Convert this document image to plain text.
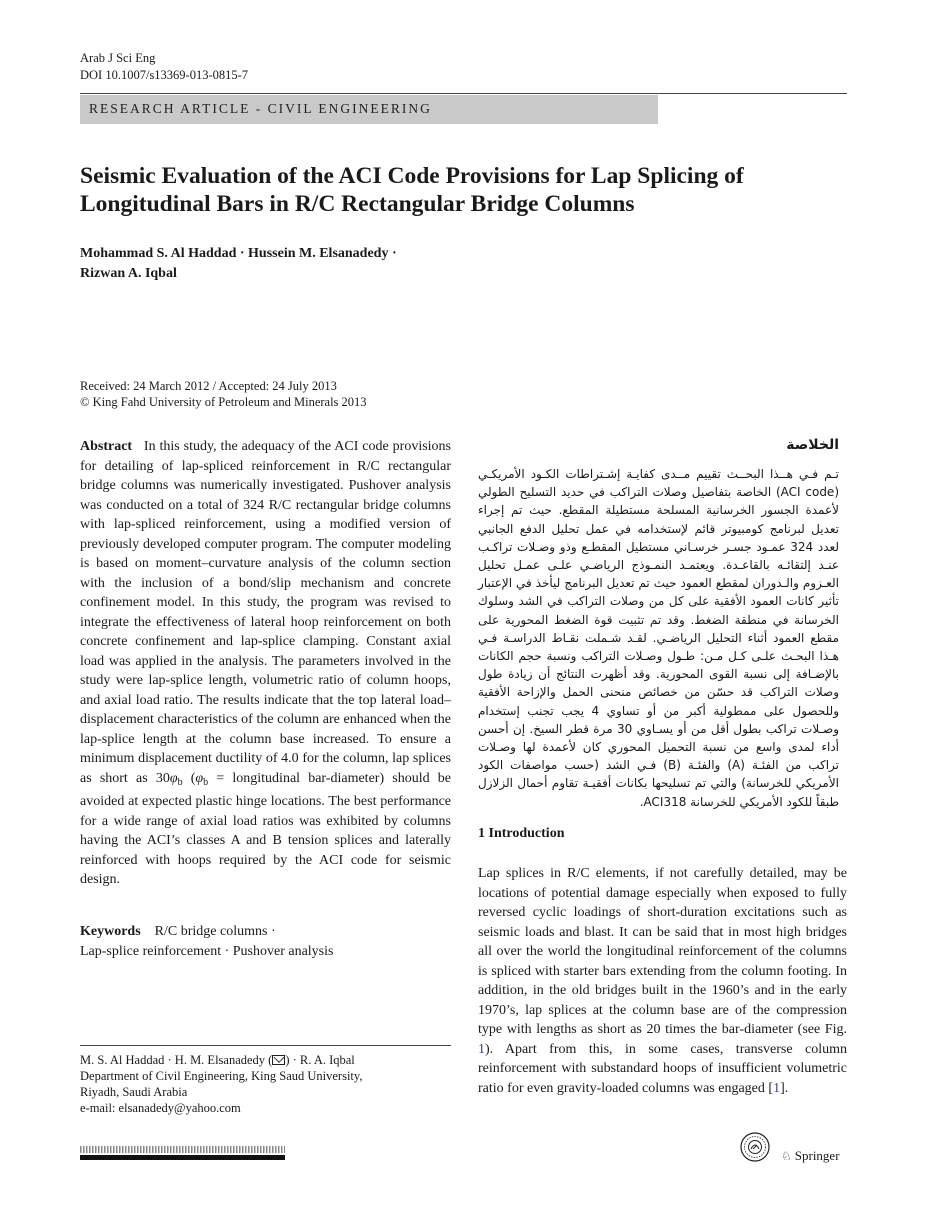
Arab J Sci Eng
DOI 10.1007/s13369-013-0815-7
RESEARCH ARTICLE - CIVIL ENGINEERING
Seismic Evaluation of the ACI Code Provisions for Lap Splicing of Longitudinal Bars in R/C Rectangular Bridge Columns
Mohammad S. Al Haddad · Hussein M. Elsanadedy ·
Rizwan A. Iqbal
Received: 24 March 2012 / Accepted: 24 July 2013
© King Fahd University of Petroleum and Minerals 2013
Abstract In this study, the adequacy of the ACI code provisions for detailing of lap-spliced reinforcement in R/C rectangular bridge columns was numerically investigated. Pushover analysis was conducted on a total of 324 R/C rectangular bridge columns with lap-spliced reinforcement, using a modified version of previously developed computer program. The computer modeling is based on moment–curvature analysis of the column section with the inclusion of a bond/slip mechanism and concrete confinement model. In this study, the program was revised to integrate the effectiveness of lateral hoop reinforcement on both concrete confinement and lap-splice clamping. Constant axial load was applied in the analysis. The parameters involved in the study were lap-splice length, volumetric ratio of column hoops, and axial load ratio. The results indicate that the top lateral load–displacement characteristics of the column are enhanced when the lap-splice length at the column base increased. To ensure a minimum displacement ductility of 4.0 for the column, lap splices as short as $30\varphi_b$ ($\varphi_b$ = longitudinal bar-diameter) should be avoided at expected plastic hinge locations. The best performance for a wide range of axial load ratios was exhibited by columns having the ACI’s classes A and B tension splices and laterally reinforced with hoops required by the ACI code for seismic design.
Keywords R/C bridge columns ·
Lap-splice reinforcement · Pushover analysis
M. S. Al Haddad · H. M. Elsanadedy ( ) · R. A. Iqbal
Department of Civil Engineering, King Saud University,
Riyadh, Saudi Arabia
e-mail: elsanadedy@yahoo.com
الخلاصة
تـم فـي هــذا البحــث تقييم مــدى كفايـة إشـتراطات الكـود الأمريكـي (ACI code) الخاصة بتفاصيل وصلات التراكب في حديد التسليح الطولي لأعمدة الجسور الخرسانية المسلحة مستطيلة المقطع. حيث تم إجراء تعديل لبرنامج كومبيوتر قائم لإستخدامه في عمل تحليل الدفع الجانبي لعدد 324 عمـود جسـر خرسـاني مستطيل المقطـع وذو وصـلات تراكـب عنـد إلتقائـه بالقاعـدة. ويعتمـد النمـوذج الرياضـي علـى عمـل تحليل العـزوم والـدوران لمقطع العمود حيث تم تعديل البرنامج ليأخذ في الإعتبار تأثير كانات العمود الأفقية على كل من وصلات التراكب في الشد وسلوك الخرسانة في منطقة الضغط. وقد تم تثبيت قوة الضغط المحورية على مقطع العمود أثناء التحليل الرياضـي. لقـد شـملت نقـاط الدراسـة فـي هـذا البحـث علـى كـل مـن: طـول وصـلات التراكب ونسبة حجم الكانات بالإضـافة إلى نسبة القوى المحورية. وقد أظهرت النتائج أن زيادة طول وصلات التراكب قد حسّن من خصائص منحنى الحمل والإزاحة الأفقية وللحصول على ممطولية أكبر من أو تساوي 4 يجب تجنب إستخدام وصـلات تراكب بطول أقل من أو يسـاوي 30 مرة قطر السيخ. إن أحسن أداء لمدى واسع من نسبة التحميل المحوري كان لأعمدة لها وصـلات تراكب من الفئـة (A) والفئـة (B) فـي الشد (حسب مواصفات الكود الأمريكي للخرسانة) والتي تم تسليحها بكانات أفقيـة تقاوم أحمال الزلازل طبقاً للكود الأمريكي للخرسانة ACI318.
1 Introduction
Lap splices in R/C elements, if not carefully detailed, may be locations of potential damage especially when exposed to fully reversed cyclic loadings of short-duration excitations such as seismic loads and blast. It can be said that in most high bridges all over the world the longitudinal reinforcement of the columns is spliced with starter bars extending from the column footing. In addition, in the old bridges built in the 1960’s and in the early 1970’s, lap splices at the column base are of the compression type with lengths as short as 20 times the bar-diameter (see Fig. 1). Apart from this, in some cases, transverse column reinforcement with substandard hoops of insufficient volumetric ratio for even gravity-loaded columns was engaged [1].
♘ Springer
